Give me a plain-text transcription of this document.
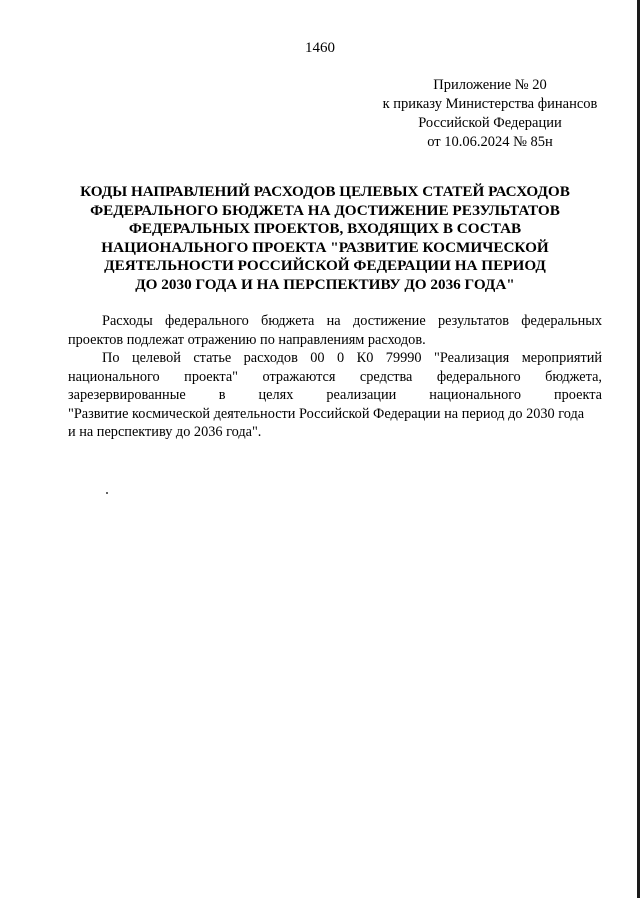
1460
Приложение № 20
к приказу Министерства финансов
Российской Федерации
от 10.06.2024 № 85н
КОДЫ НАПРАВЛЕНИЙ РАСХОДОВ ЦЕЛЕВЫХ СТАТЕЙ РАСХОДОВ
ФЕДЕРАЛЬНОГО БЮДЖЕТА НА ДОСТИЖЕНИЕ РЕЗУЛЬТАТОВ
ФЕДЕРАЛЬНЫХ ПРОЕКТОВ, ВХОДЯЩИХ В СОСТАВ
НАЦИОНАЛЬНОГО ПРОЕКТА "РАЗВИТИЕ КОСМИЧЕСКОЙ
ДЕЯТЕЛЬНОСТИ РОССИЙСКОЙ ФЕДЕРАЦИИ НА ПЕРИОД
ДО 2030 ГОДА И НА ПЕРСПЕКТИВУ ДО 2036 ГОДА"
Расходы федерального бюджета на достижение результатов федеральных
проектов подлежат отражению по направлениям расходов.
По целевой статье расходов 00 0 К0 79990 "Реализация мероприятий
национального проекта" отражаются средства федерального бюджета,
зарезервированные в целях реализации национального проекта
"Развитие космической деятельности Российской Федерации на период до 2030 года
и на перспективу до 2036 года".
